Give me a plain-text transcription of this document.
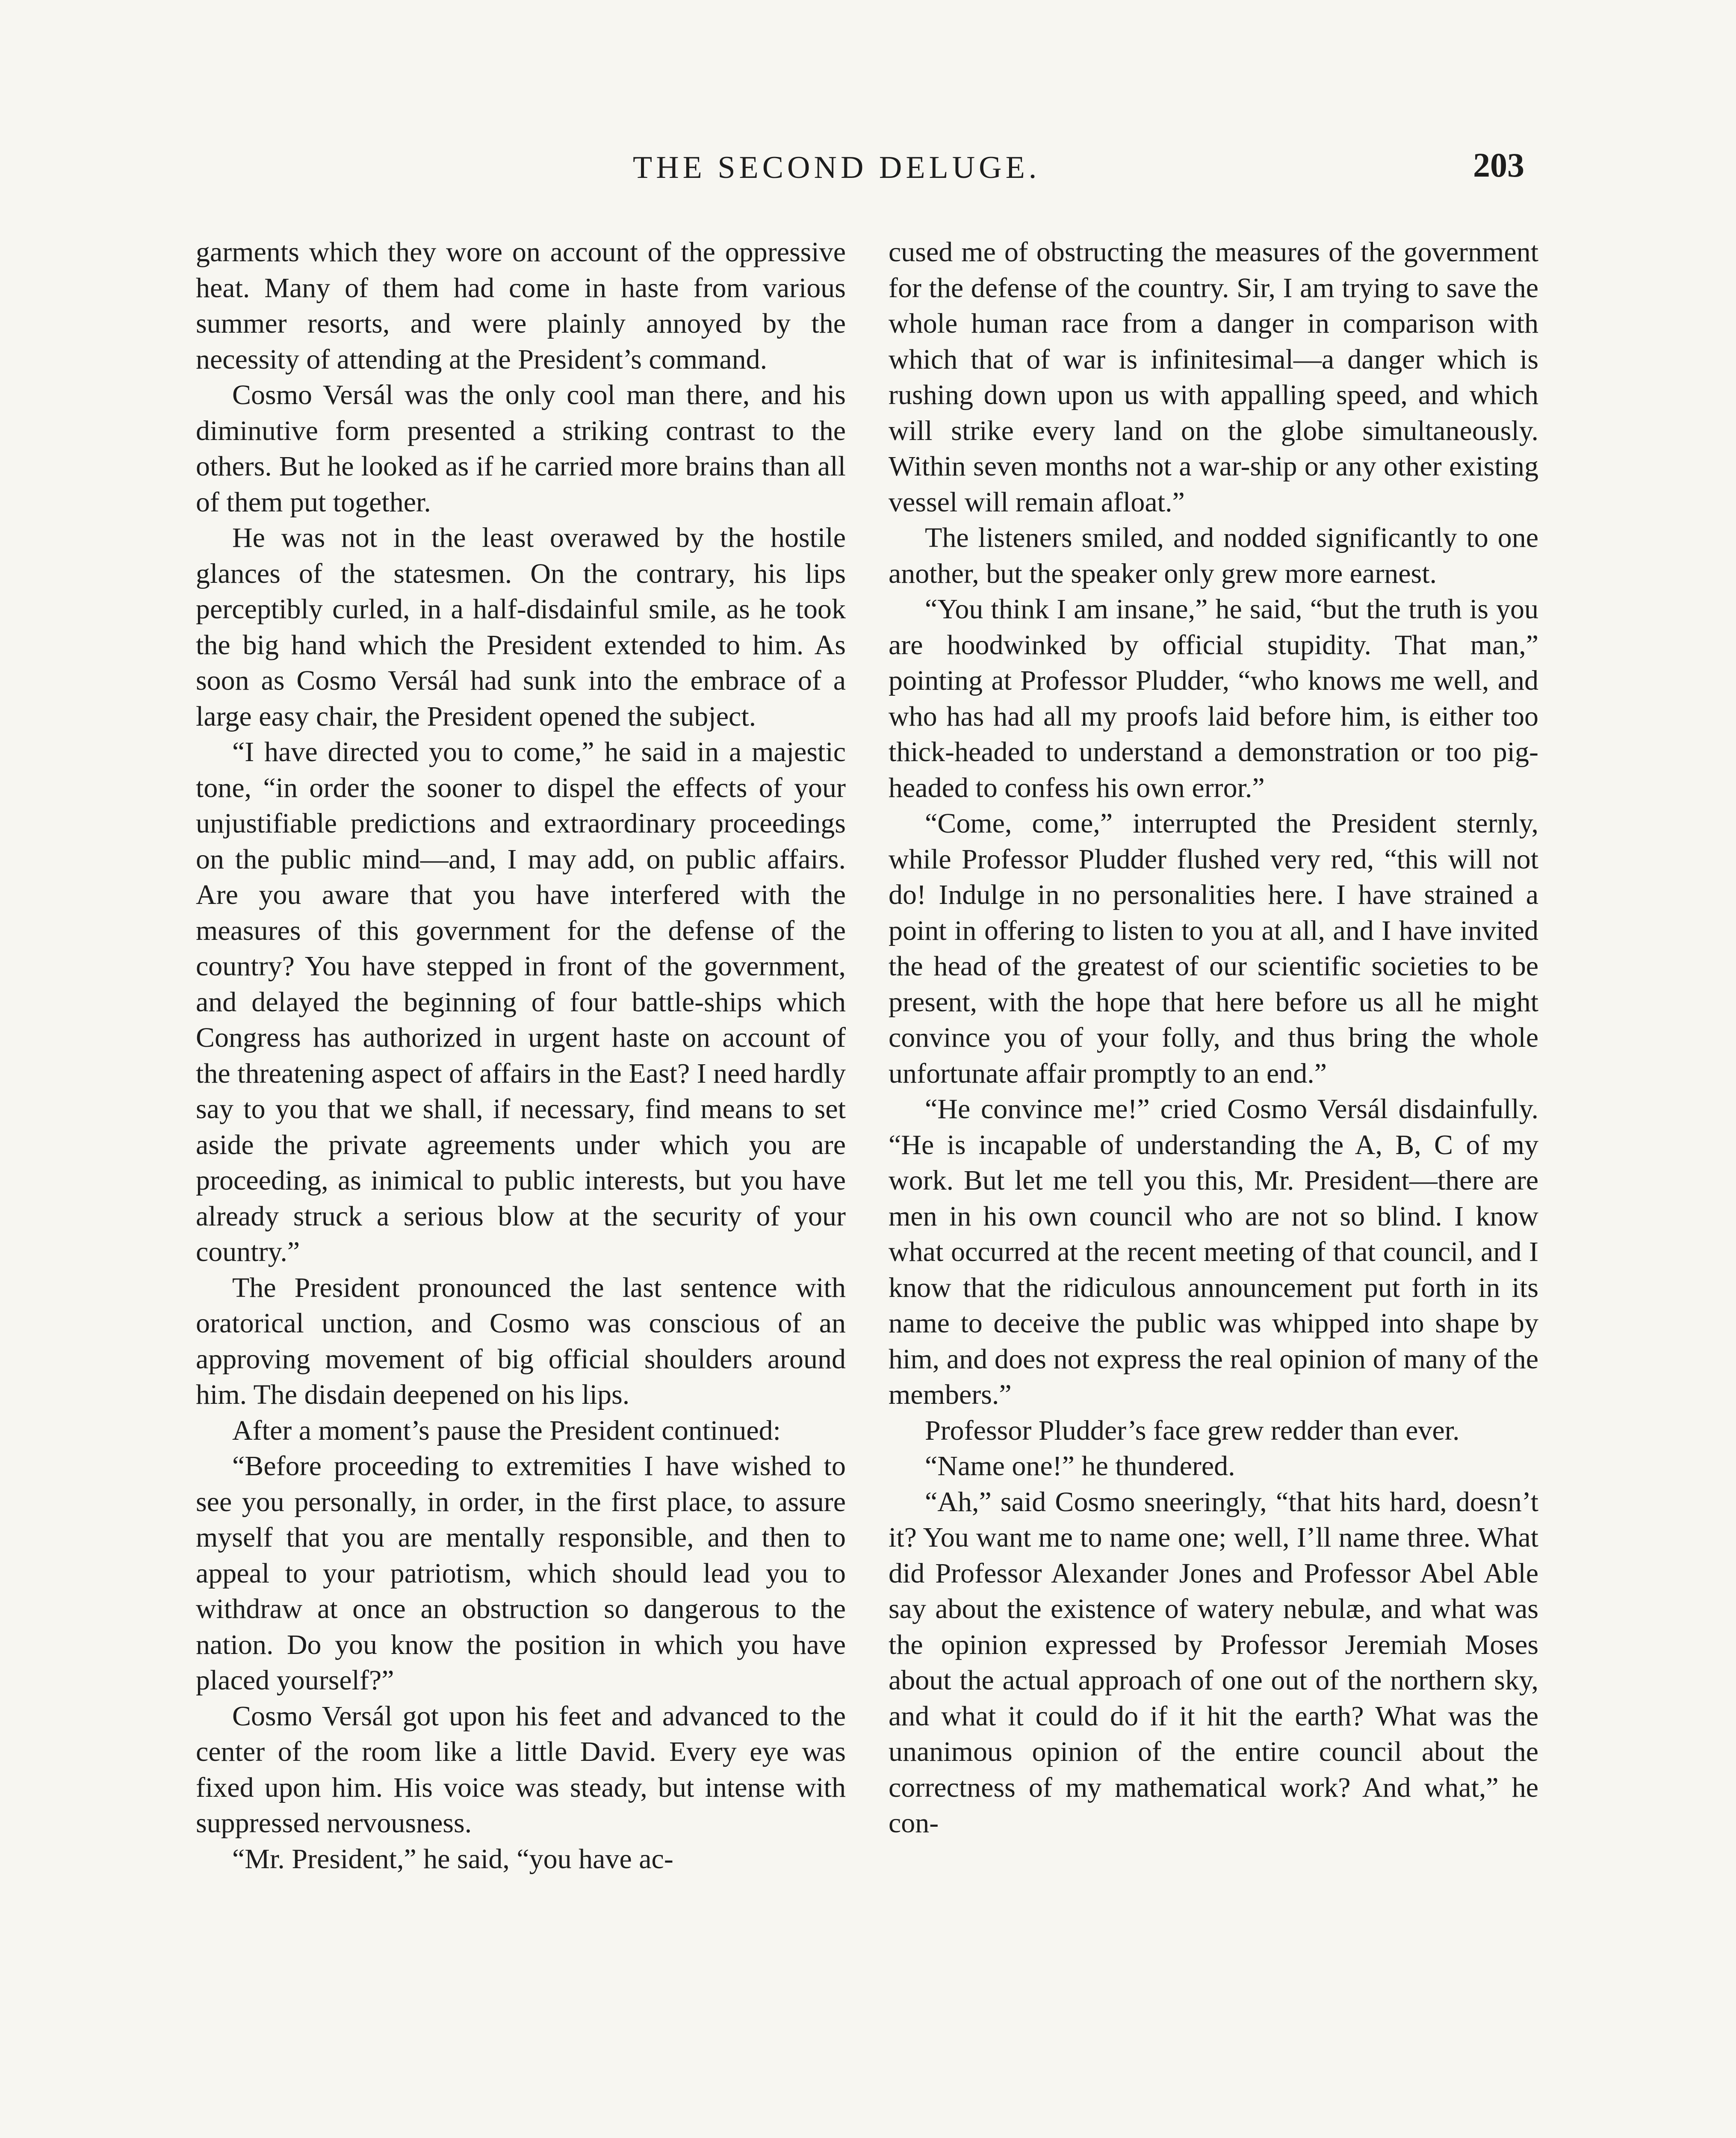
THE SECOND DELUGE.	203

garments which they wore on account of the oppressive heat. Many of them had come in haste from various summer resorts, and were plainly annoyed by the necessity of attending at the President’s command.

Cosmo Versál was the only cool man there, and his diminutive form presented a striking contrast to the others. But he looked as if he carried more brains than all of them put together.

He was not in the least overawed by the hostile glances of the statesmen. On the contrary, his lips perceptibly curled, in a half-disdainful smile, as he took the big hand which the President extended to him. As soon as Cosmo Versál had sunk into the embrace of a large easy chair, the President opened the subject.

“I have directed you to come,” he said in a majestic tone, “in order the sooner to dispel the effects of your unjustifiable predictions and extraordinary proceedings on the public mind—and, I may add, on public affairs. Are you aware that you have interfered with the measures of this government for the defense of the country? You have stepped in front of the government, and delayed the beginning of four battle-ships which Congress has authorized in urgent haste on account of the threatening aspect of affairs in the East? I need hardly say to you that we shall, if necessary, find means to set aside the private agreements under which you are proceeding, as inimical to public interests, but you have already struck a serious blow at the security of your country.”

The President pronounced the last sentence with oratorical unction, and Cosmo was conscious of an approving movement of big official shoulders around him. The disdain deepened on his lips.

After a moment’s pause the President continued:

“Before proceeding to extremities I have wished to see you personally, in order, in the first place, to assure myself that you are mentally responsible, and then to appeal to your patriotism, which should lead you to withdraw at once an obstruction so dangerous to the nation. Do you know the position in which you have placed yourself?”

Cosmo Versál got upon his feet and advanced to the center of the room like a little David. Every eye was fixed upon him. His voice was steady, but intense with suppressed nervousness.

“Mr. President,” he said, “you have ac-

cused me of obstructing the measures of the government for the defense of the country. Sir, I am trying to save the whole human race from a danger in comparison with which that of war is infinitesimal—a danger which is rushing down upon us with appalling speed, and which will strike every land on the globe simultaneously. Within seven months not a war-ship or any other existing vessel will remain afloat.”

The listeners smiled, and nodded significantly to one another, but the speaker only grew more earnest.

“You think I am insane,” he said, “but the truth is you are hoodwinked by official stupidity. That man,” pointing at Professor Pludder, “who knows me well, and who has had all my proofs laid before him, is either too thick-headed to understand a demonstration or too pig-headed to confess his own error.”

“Come, come,” interrupted the President sternly, while Professor Pludder flushed very red, “this will not do! Indulge in no personalities here. I have strained a point in offering to listen to you at all, and I have invited the head of the greatest of our scientific societies to be present, with the hope that here before us all he might convince you of your folly, and thus bring the whole unfortunate affair promptly to an end.”

“He convince me!” cried Cosmo Versál disdainfully. “He is incapable of understanding the A, B, C of my work. But let me tell you this, Mr. President—there are men in his own council who are not so blind. I know what occurred at the recent meeting of that council, and I know that the ridiculous announcement put forth in its name to deceive the public was whipped into shape by him, and does not express the real opinion of many of the members.”

Professor Pludder’s face grew redder than ever.

“Name one!” he thundered.

“Ah,” said Cosmo sneeringly, “that hits hard, doesn’t it? You want me to name one; well, I’ll name three. What did Professor Alexander Jones and Professor Abel Able say about the existence of watery nebulæ, and what was the opinion expressed by Professor Jeremiah Moses about the actual approach of one out of the northern sky, and what it could do if it hit the earth? What was the unanimous opinion of the entire council about the correctness of my mathematical work? And what,” he con-
